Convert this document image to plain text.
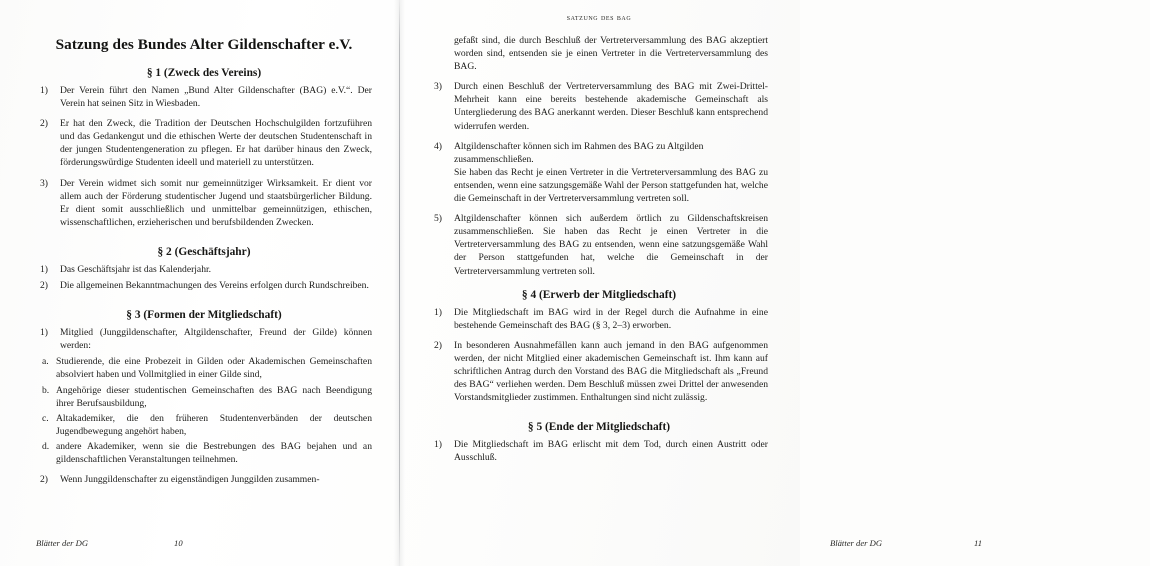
Satzung des Bundes Alter Gildenschafter e.V.
§ 1 (Zweck des Vereins)
1)	Der Verein führt den Namen „Bund Alter Gildenschafter (BAG) e.V.“. Der Verein hat seinen Sitz in Wiesbaden.
2)	Er hat den Zweck, die Tradition der Deutschen Hochschulgilden fortzuführen und das Gedankengut und die ethischen Werte der deutschen Studentenschaft in der jungen Studentengeneration zu pflegen. Er hat darüber hinaus den Zweck, förderungswürdige Studenten ideell und materiell zu unterstützen.
3)	Der Verein widmet sich somit nur gemeinnütziger Wirksamkeit. Er dient vor allem auch der Förderung studentischer Jugend und staatsbürgerlicher Bildung. Er dient somit ausschließlich und unmittelbar gemeinnützigen, ethischen, wissenschaftlichen, erzieherischen und berufsbildenden Zwecken.
§ 2 (Geschäftsjahr)
1)	Das Geschäftsjahr ist das Kalenderjahr.
2)	Die allgemeinen Bekanntmachungen des Vereins erfolgen durch Rundschreiben.
§ 3 (Formen der Mitgliedschaft)
1)	Mitglied (Junggildenschafter, Altgildenschafter, Freund der Gilde) können werden:
a. Studierende, die eine Probezeit in Gilden oder Akademischen Gemeinschaften absolviert haben und Vollmitglied in einer Gilde sind,
b. Angehörige dieser studentischen Gemeinschaften des BAG nach Beendigung ihrer Berufsausbildung,
c. Altakademiker, die den früheren Studentenverbänden der deutschen Jugendbewegung angehört haben,
d. andere Akademiker, wenn sie die Bestrebungen des BAG bejahen und an gildenschaftlichen Veranstaltungen teilnehmen.
2)	Wenn Junggildenschafter zu eigenständigen Junggilden zusammen-
Blätter der DG	10
satzung des bag
gefaßt sind, die durch Beschluß der Vertreterversammlung des BAG akzeptiert worden sind, entsenden sie je einen Vertreter in die Vertreterversammlung des BAG.
3)	Durch einen Beschluß der Vertreterversammlung des BAG mit Zwei-Drittel-Mehrheit kann eine bereits bestehende akademische Gemeinschaft als Untergliederung des BAG anerkannt werden. Dieser Beschluß kann entsprechend widerrufen werden.
4)	Altgildenschafter können sich im Rahmen des BAG zu Altgilden zusammenschließen.
Sie haben das Recht je einen Vertreter in die Vertreterversammlung des BAG zu entsenden, wenn eine satzungsgemäße Wahl der Person stattgefunden hat, welche die Gemeinschaft in der Vertreterversammlung vertreten soll.
5)	Altgildenschafter können sich außerdem örtlich zu Gildenschaftskreisen zusammenschließen. Sie haben das Recht je einen Vertreter in die Vertreterversammlung des BAG zu entsenden, wenn eine satzungsgemäße Wahl der Person stattgefunden hat, welche die Gemeinschaft in der Vertreterversammlung vertreten soll.
§ 4 (Erwerb der Mitgliedschaft)
1)	Die Mitgliedschaft im BAG wird in der Regel durch die Aufnahme in eine bestehende Gemeinschaft des BAG (§ 3, 2–3) erworben.
2)	In besonderen Ausnahmefällen kann auch jemand in den BAG aufgenommen werden, der nicht Mitglied einer akademischen Gemeinschaft ist. Ihm kann auf schriftlichen Antrag durch den Vorstand des BAG die Mitgliedschaft als „Freund des BAG“ verliehen werden. Dem Beschluß müssen zwei Drittel der anwesenden Vorstandsmitglieder zustimmen. Enthaltungen sind nicht zulässig.
§ 5 (Ende der Mitgliedschaft)
1)	Die Mitgliedschaft im BAG erlischt mit dem Tod, durch einen Austritt oder Ausschluß.
Blätter der DG	11
